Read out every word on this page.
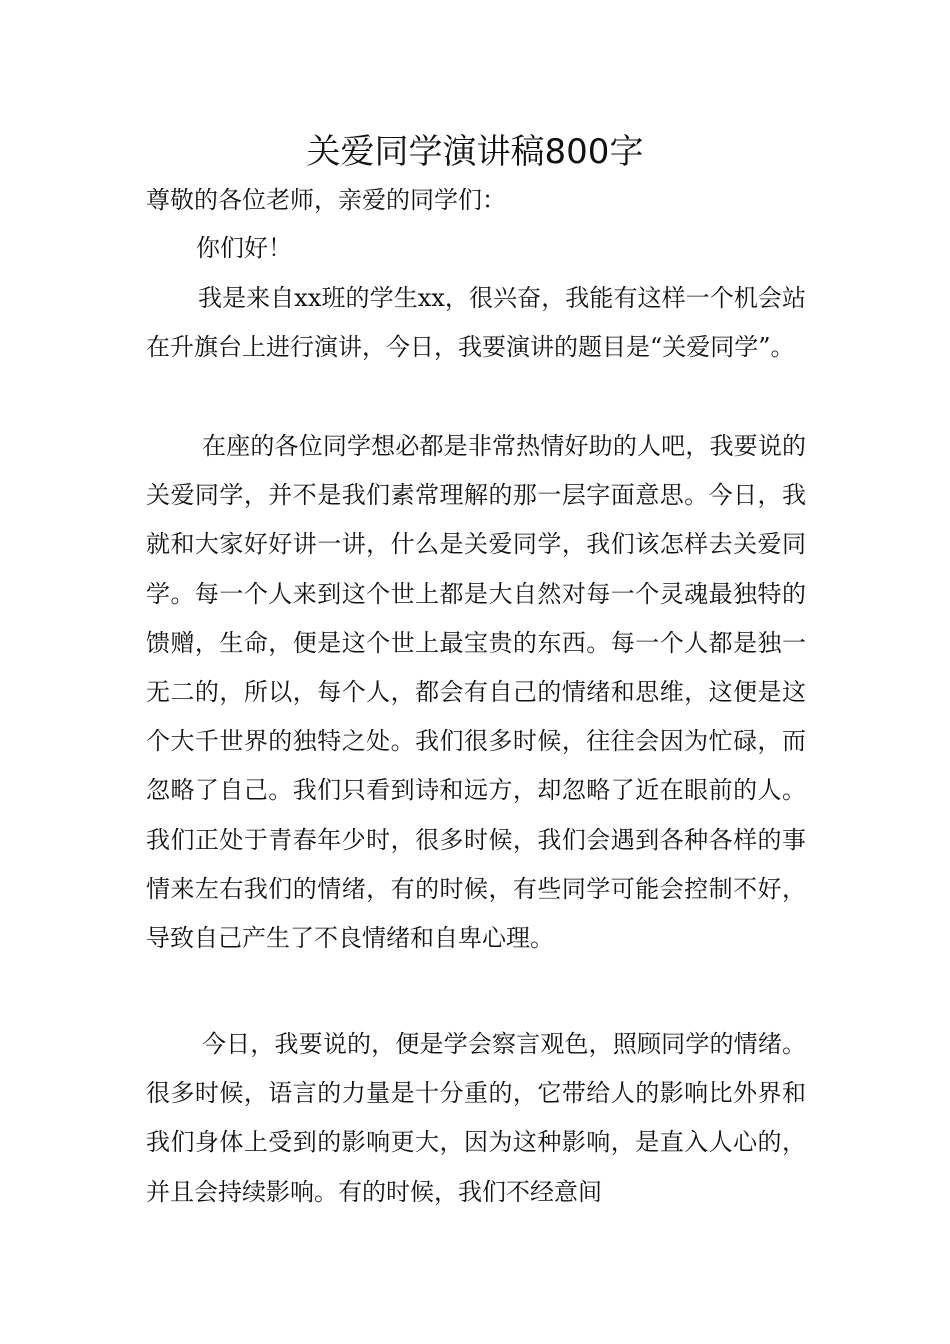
关爱同学演讲稿800字

尊敬的各位老师，亲爱的同学们：

你们好！

我是来自xx班的学生xx，很兴奋，我能有这样一个机会站在升旗台上进行演讲，今日，我要演讲的题目是“关爱同学”。

在座的各位同学想必都是非常热情好助的人吧，我要说的关爱同学，并不是我们素常理解的那一层字面意思。今日，我就和大家好好讲一讲，什么是关爱同学，我们该怎样去关爱同学。每一个人来到这个世上都是大自然对每一个灵魂最独特的馈赠，生命，便是这个世上最宝贵的东西。每一个人都是独一无二的，所以，每个人，都会有自己的情绪和思维，这便是这个大千世界的独特之处。我们很多时候，往往会因为忙碌，而忽略了自己。我们只看到诗和远方，却忽略了近在眼前的人。我们正处于青春年少时，很多时候，我们会遇到各种各样的事情来左右我们的情绪，有的时候，有些同学可能会控制不好，导致自己产生了不良情绪和自卑心理。

今日，我要说的，便是学会察言观色，照顾同学的情绪。很多时候，语言的力量是十分重的，它带给人的影响比外界和我们身体上受到的影响更大，因为这种影响，是直入人心的，并且会持续影响。有的时候，我们不经意间
